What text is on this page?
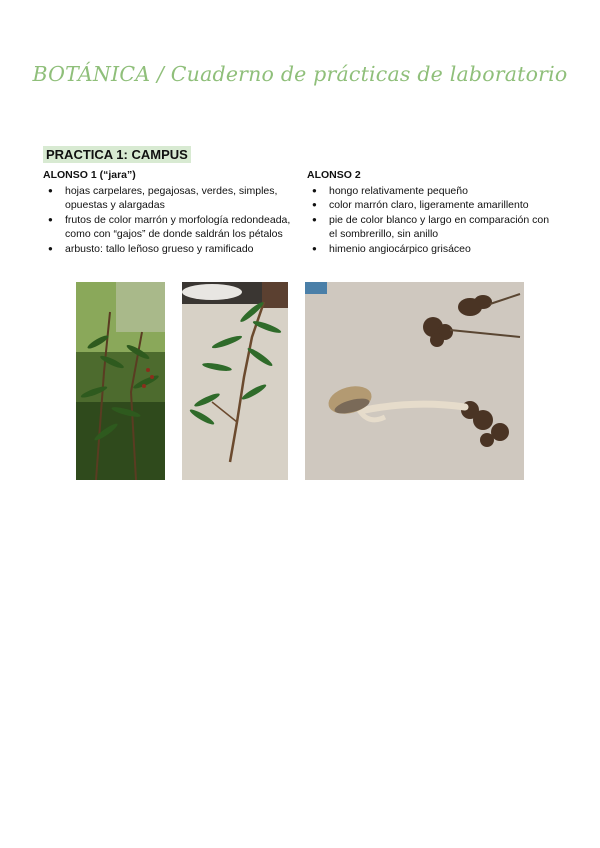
BOTÁNICA / Cuaderno de prácticas de laboratorio
PRACTICA 1: CAMPUS
ALONSO 1 (“jara”)
● hojas carpelares, pegajosas, verdes, simples, opuestas y alargadas
● frutos de color marrón y morfología redondeada, como con “gajos” de donde saldrán los pétalos
● arbusto: tallo leñoso grueso y ramificado
ALONSO 2
● hongo relativamente pequeño
● color marrón claro, ligeramente amarillento
● pie de color blanco y largo en comparación con el sombrerillo, sin anillo
● himenio angiocárpico grisáceo
